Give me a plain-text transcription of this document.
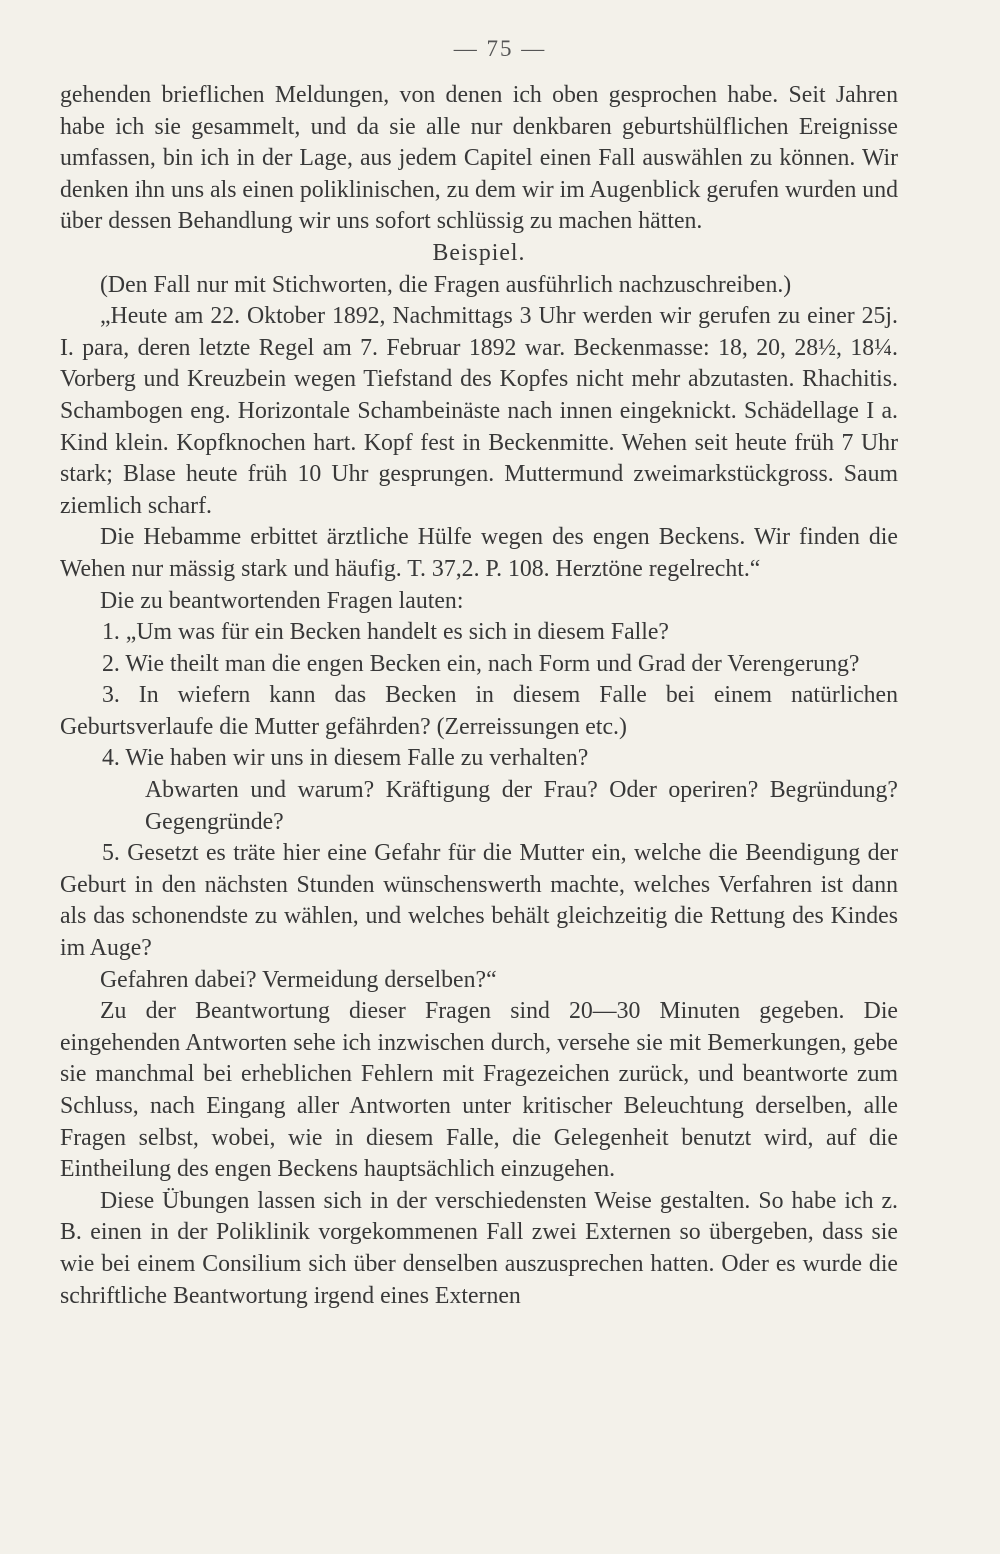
— 75 —

gehenden brieflichen Meldungen, von denen ich oben gesprochen habe. Seit Jahren habe ich sie gesammelt, und da sie alle nur denkbaren geburtshülflichen Ereignisse umfassen, bin ich in der Lage, aus jedem Capitel einen Fall auswählen zu können. Wir denken ihn uns als einen poliklinischen, zu dem wir im Augenblick gerufen wurden und über dessen Behandlung wir uns sofort schlüssig zu machen hätten.

Beispiel.

(Den Fall nur mit Stichworten, die Fragen ausführlich nachzuschreiben.)

„Heute am 22. Oktober 1892, Nachmittags 3 Uhr werden wir gerufen zu einer 25j. I. para, deren letzte Regel am 7. Februar 1892 war. Beckenmasse: 18, 20, 28½, 18¼. Vorberg und Kreuzbein wegen Tiefstand des Kopfes nicht mehr abzutasten. Rhachitis. Schambogen eng. Horizontale Schambeinäste nach innen eingeknickt. Schädellage I a. Kind klein. Kopfknochen hart. Kopf fest in Beckenmitte. Wehen seit heute früh 7 Uhr stark; Blase heute früh 10 Uhr gesprungen. Muttermund zweimarkstückgross. Saum ziemlich scharf.

Die Hebamme erbittet ärztliche Hülfe wegen des engen Beckens. Wir finden die Wehen nur mässig stark und häufig. T. 37,2. P. 108. Herztöne regelrecht.“

Die zu beantwortenden Fragen lauten:

1. „Um was für ein Becken handelt es sich in diesem Falle?

2. Wie theilt man die engen Becken ein, nach Form und Grad der Verengerung?

3. In wiefern kann das Becken in diesem Falle bei einem natürlichen Geburtsverlaufe die Mutter gefährden? (Zerreissungen etc.)

4. Wie haben wir uns in diesem Falle zu verhalten?

Abwarten und warum? Kräftigung der Frau? Oder operiren? Begründung? Gegengründe?

5. Gesetzt es träte hier eine Gefahr für die Mutter ein, welche die Beendigung der Geburt in den nächsten Stunden wünschenswerth machte, welches Verfahren ist dann als das schonendste zu wählen, und welches behält gleichzeitig die Rettung des Kindes im Auge?

Gefahren dabei? Vermeidung derselben?“

Zu der Beantwortung dieser Fragen sind 20—30 Minuten gegeben. Die eingehenden Antworten sehe ich inzwischen durch, versehe sie mit Bemerkungen, gebe sie manchmal bei erheblichen Fehlern mit Fragezeichen zurück, und beantworte zum Schluss, nach Eingang aller Antworten unter kritischer Beleuchtung derselben, alle Fragen selbst, wobei, wie in diesem Falle, die Gelegenheit benutzt wird, auf die Eintheilung des engen Beckens hauptsächlich einzugehen.

Diese Übungen lassen sich in der verschiedensten Weise gestalten. So habe ich z. B. einen in der Poliklinik vorgekommenen Fall zwei Externen so übergeben, dass sie wie bei einem Consilium sich über denselben auszusprechen hatten. Oder es wurde die schriftliche Beantwortung irgend eines Externen
